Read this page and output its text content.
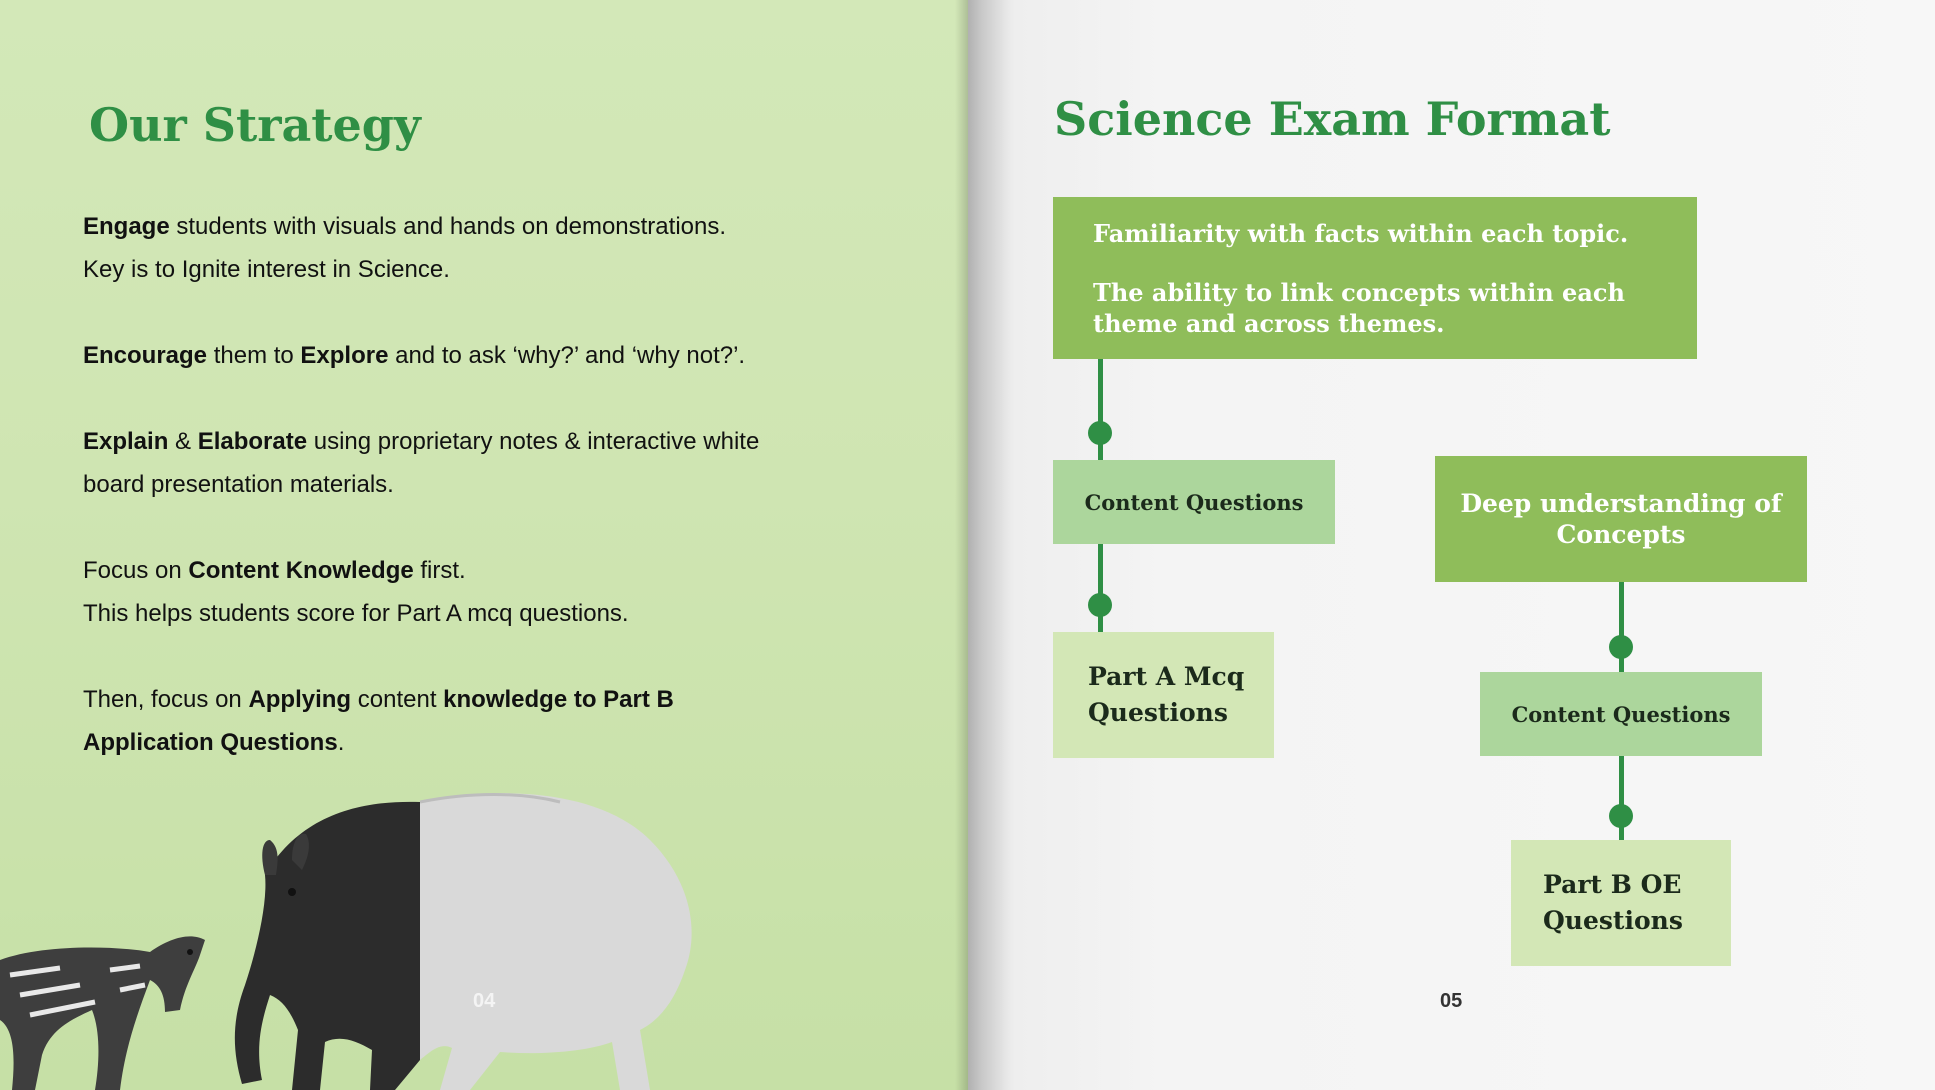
Our Strategy

Engage students with visuals and hands on demonstrations.
Key is to Ignite interest in Science.

Encourage them to Explore and to ask ‘why?’ and ‘why not?’.

Explain & Elaborate using proprietary notes & interactive white board presentation materials.

Focus on Content Knowledge first.
This helps students score for Part A mcq questions.

Then, focus on Applying content knowledge to Part B Application Questions.

04
Science Exam Format
Familiarity with facts within each topic.
The ability to link concepts within each theme and across themes.
Content Questions
Part A Mcq Questions
Deep understanding of Concepts
Content Questions
Part B OE Questions
05
